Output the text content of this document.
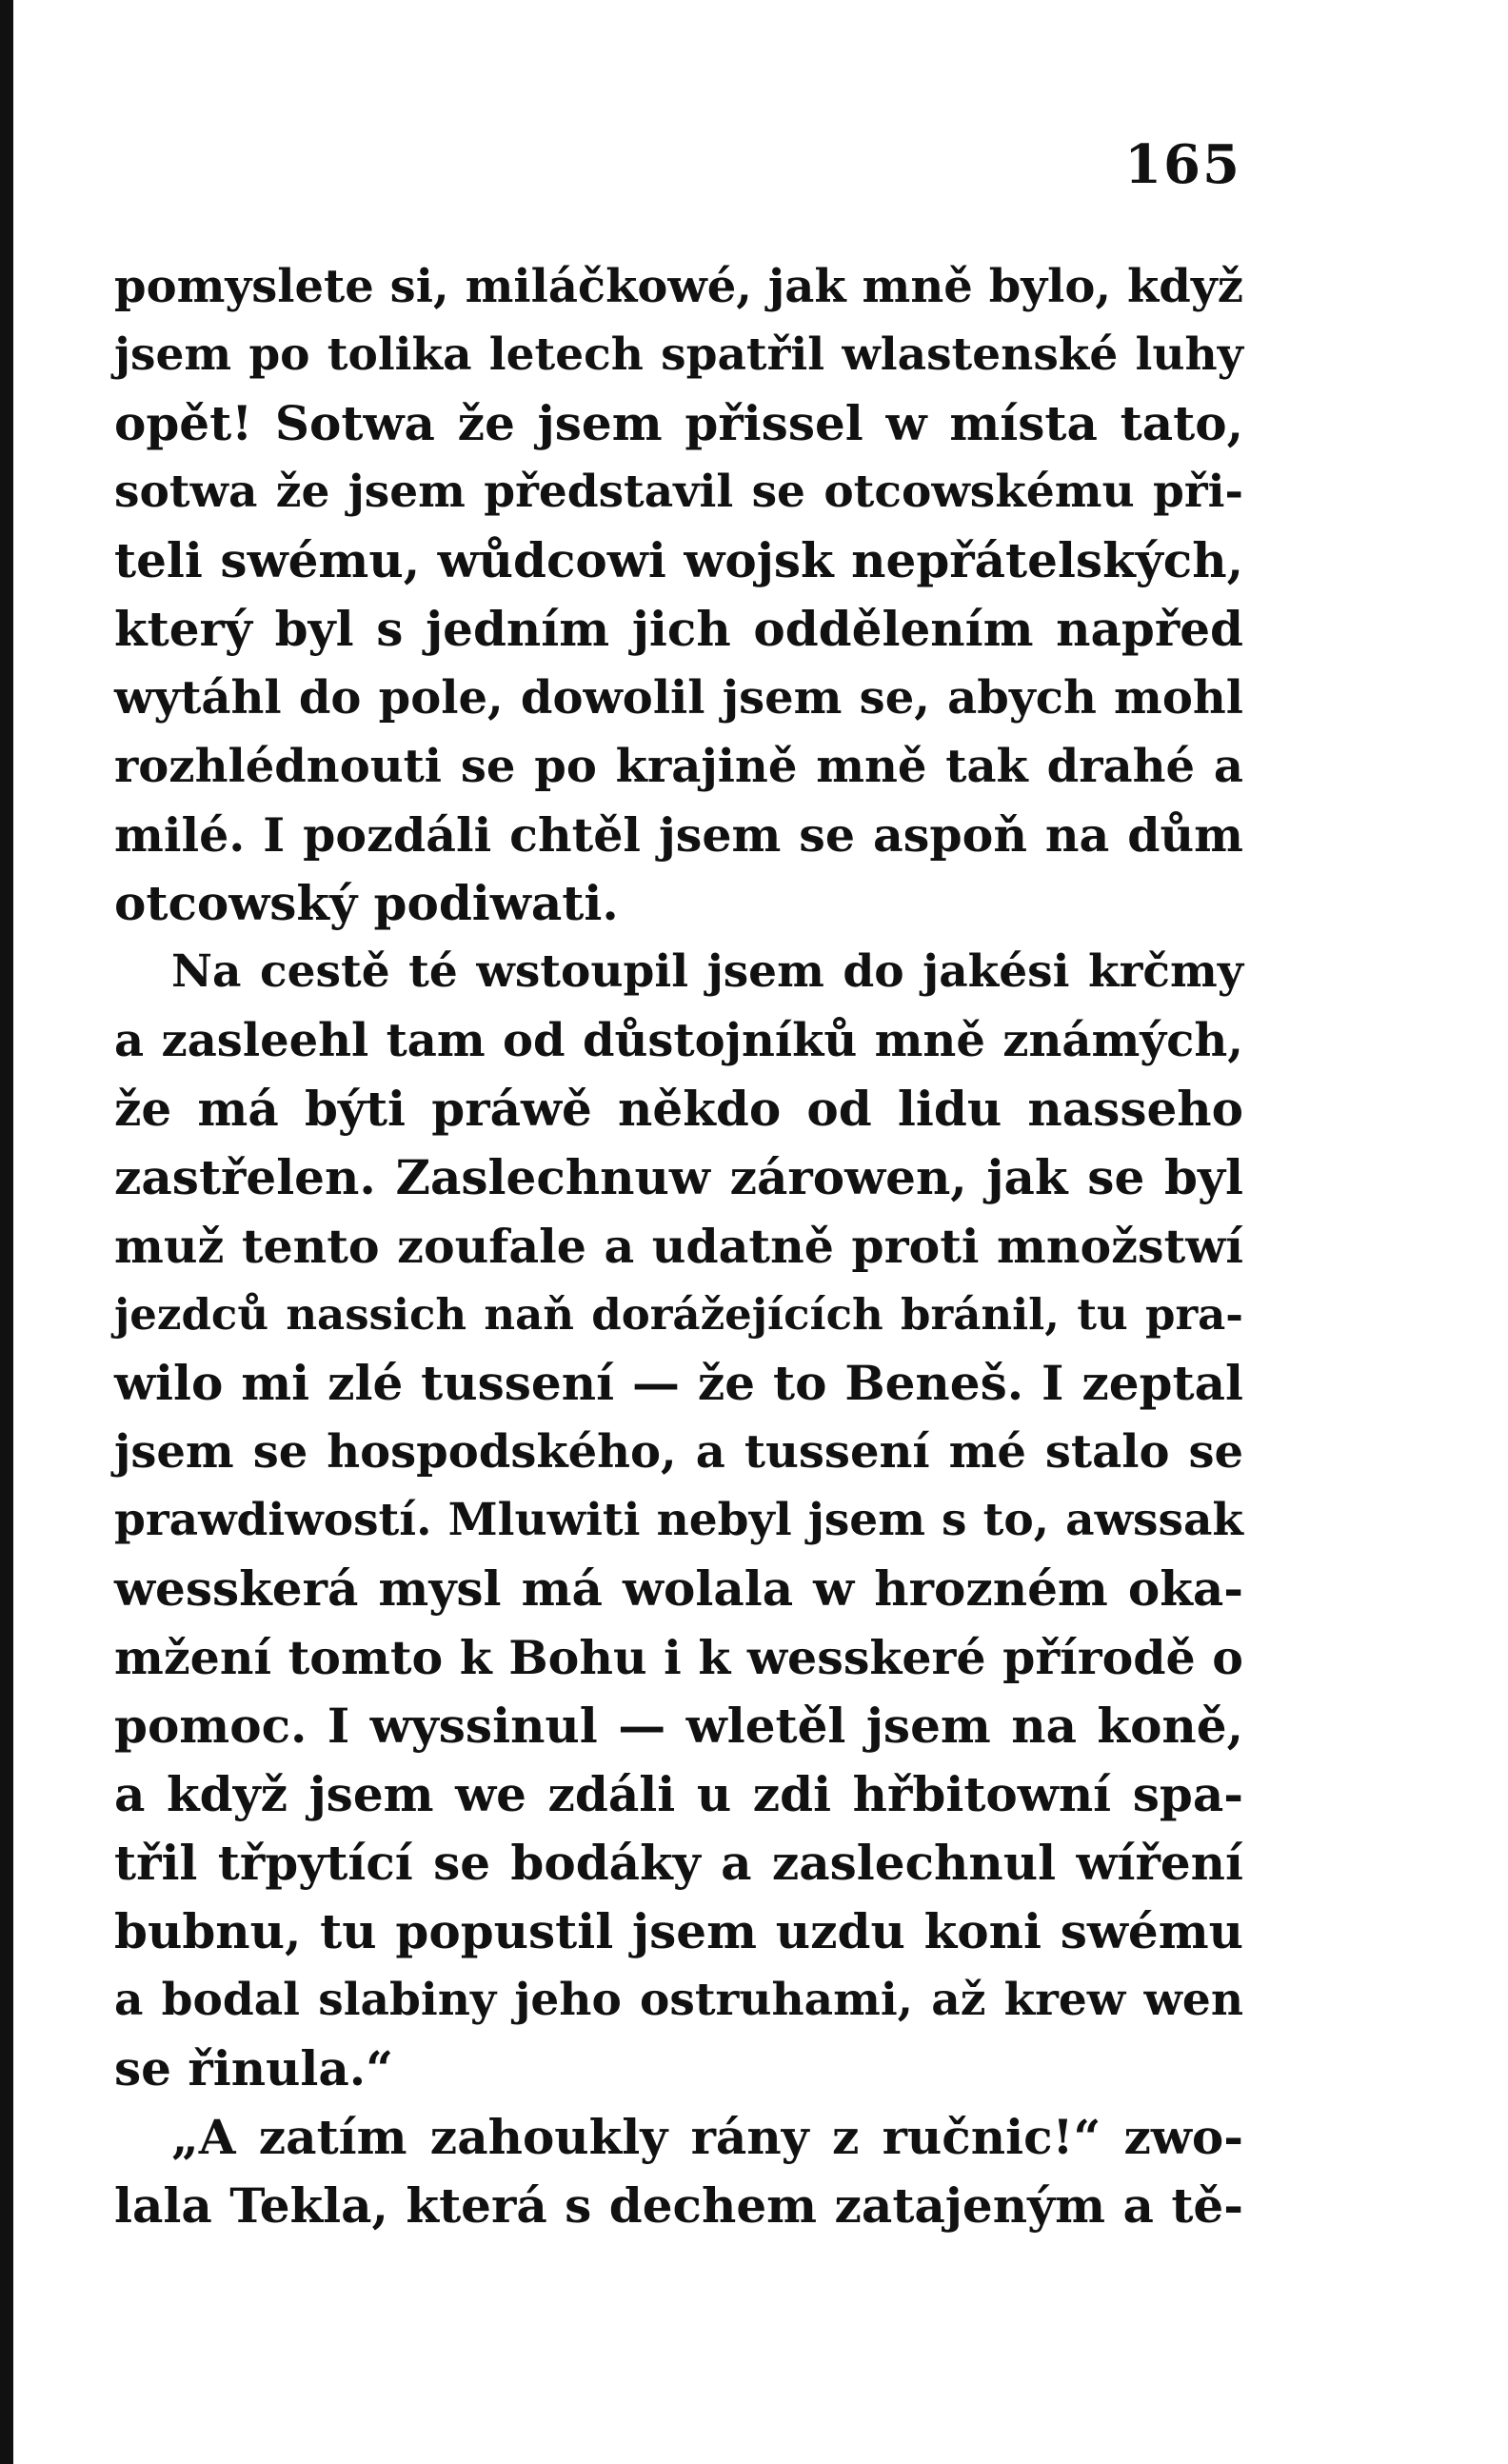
165
pomyslete si, miláčkowé, jak mně bylo, když
jsem po tolika letech spatřil wlastenské luhy
opět! Sotwa že jsem přissel w místa tato,
sotwa že jsem představil se otcowskému při-
teli swému, wůdcowi wojsk nepřátelských,
který byl s jedním jich oddělením napřed
wytáhl do pole, dowolil jsem se, abych mohl
rozhlédnouti se po krajině mně tak drahé a
milé. I pozdáli chtěl jsem se aspoň na dům
otcowský podiwati.
Na cestě té wstoupil jsem do jakési krčmy
a zasleehl tam od důstojníků mně známých,
že má býti práwě někdo od lidu nasseho
zastřelen. Zaslechnuw zárowen, jak se byl
muž tento zoufale a udatně proti množstwí
jezdců nassich naň dorážejících bránil, tu pra-
wilo mi zlé tussení — že to Beneš. I zeptal
jsem se hospodského, a tussení mé stalo se
prawdiwostí. Mluwiti nebyl jsem s to, awssak
wesskerá mysl má wolala w hrozném oka-
mžení tomto k Bohu i k wesskeré přírodě o
pomoc. I wyssinul — wletěl jsem na koně,
a když jsem we zdáli u zdi hřbitowní spa-
třil třpytící se bodáky a zaslechnul wíření
bubnu, tu popustil jsem uzdu koni swému
a bodal slabiny jeho ostruhami, až krew wen
se řinula.“
„A zatím zahoukly rány z ručnic!“ zwo-
lala Tekla, která s dechem zatajeným a tě-
